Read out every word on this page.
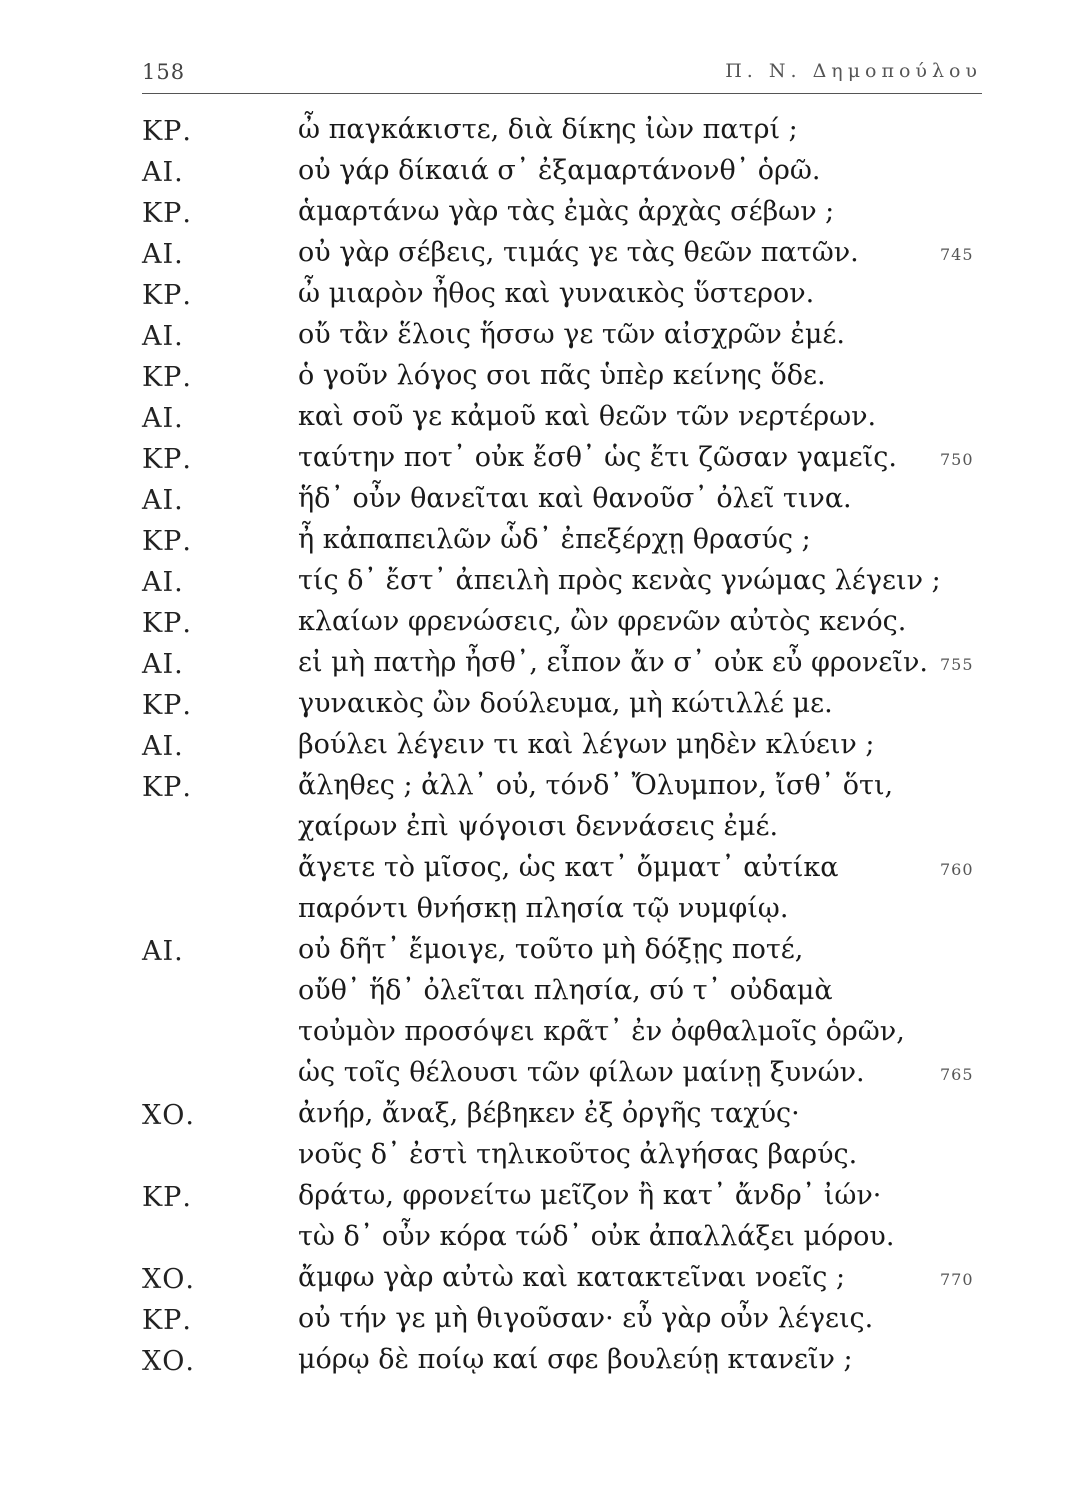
158	Π. Ν. Δημοπούλου
ΚΡ.	ὦ παγκάκιστε, διὰ δίκης ἰὼν πατρί ;
ΑΙ.	οὐ γάρ δίκαιά σ᾽ ἐξαμαρτάνονθ᾽ ὁρῶ.
ΚΡ.	ἁμαρτάνω γὰρ τὰς ἐμὰς ἀρχὰς σέβων ;
ΑΙ.	οὐ γὰρ σέβεις, τιμάς γε τὰς θεῶν πατῶν.	745
ΚΡ.	ὦ μιαρὸν ἦθος καὶ γυναικὸς ὕστερον.
ΑΙ.	οὔ τἂν ἕλοις ἥσσω γε τῶν αἰσχρῶν ἐμέ.
ΚΡ.	ὁ γοῦν λόγος σοι πᾶς ὑπὲρ κείνης ὅδε.
ΑΙ.	καὶ σοῦ γε κἀμοῦ καὶ θεῶν τῶν νερτέρων.
ΚΡ.	ταύτην ποτ᾽ οὐκ ἔσθ᾽ ὡς ἔτι ζῶσαν γαμεῖς.	750
ΑΙ.	ἥδ᾽ οὖν θανεῖται καὶ θανοῦσ᾽ ὀλεῖ τινα.
ΚΡ.	ἦ κἀπαπειλῶν ὧδ᾽ ἐπεξέρχῃ θρασύς ;
ΑΙ.	τίς δ᾽ ἔστ᾽ ἀπειλὴ πρὸς κενὰς γνώμας λέγειν ;
ΚΡ.	κλαίων φρενώσεις, ὢν φρενῶν αὐτὸς κενός.
ΑΙ.	εἰ μὴ πατὴρ ἦσθ᾽, εἶπον ἄν σ᾽ οὐκ εὖ φρονεῖν. 755
ΚΡ.	γυναικὸς ὢν δούλευμα, μὴ κώτιλλέ με.
ΑΙ.	βούλει λέγειν τι καὶ λέγων μηδὲν κλύειν ;
ΚΡ.	ἄληθες ; ἀλλ᾽ οὐ, τόνδ᾽ Ὄλυμπον, ἴσθ᾽ ὅτι,
χαίρων ἐπὶ ψόγοισι δεννάσεις ἐμέ.
ἄγετε τὸ μῖσος, ὡς κατ᾽ ὄμματ᾽ αὐτίκα	760
παρόντι θνήσκῃ πλησία τῷ νυμφίῳ.
ΑΙ.	οὐ δῆτ᾽ ἔμοιγε, τοῦτο μὴ δόξῃς ποτέ,
οὔθ᾽ ἥδ᾽ ὀλεῖται πλησία, σύ τ᾽ οὐδαμὰ
τοὐμὸν προσόψει κρᾶτ᾽ ἐν ὀφθαλμοῖς ὁρῶν,
ὡς τοῖς θέλουσι τῶν φίλων μαίνῃ ξυνών.	765
ΧΟ.	ἀνήρ, ἄναξ, βέβηκεν ἐξ ὀργῆς ταχύς·
νοῦς δ᾽ ἐστὶ τηλικοῦτος ἀλγήσας βαρύς.
ΚΡ.	δράτω, φρονείτω μεῖζον ἢ κατ᾽ ἄνδρ᾽ ἰών·
τὼ δ᾽ οὖν κόρα τώδ᾽ οὐκ ἀπαλλάξει μόρου.
ΧΟ.	ἄμφω γὰρ αὐτὼ καὶ κατακτεῖναι νοεῖς ;	770
ΚΡ.	οὐ τήν γε μὴ θιγοῦσαν· εὖ γὰρ οὖν λέγεις.
ΧΟ.	μόρῳ δὲ ποίῳ καί σφε βουλεύῃ κτανεῖν ;
